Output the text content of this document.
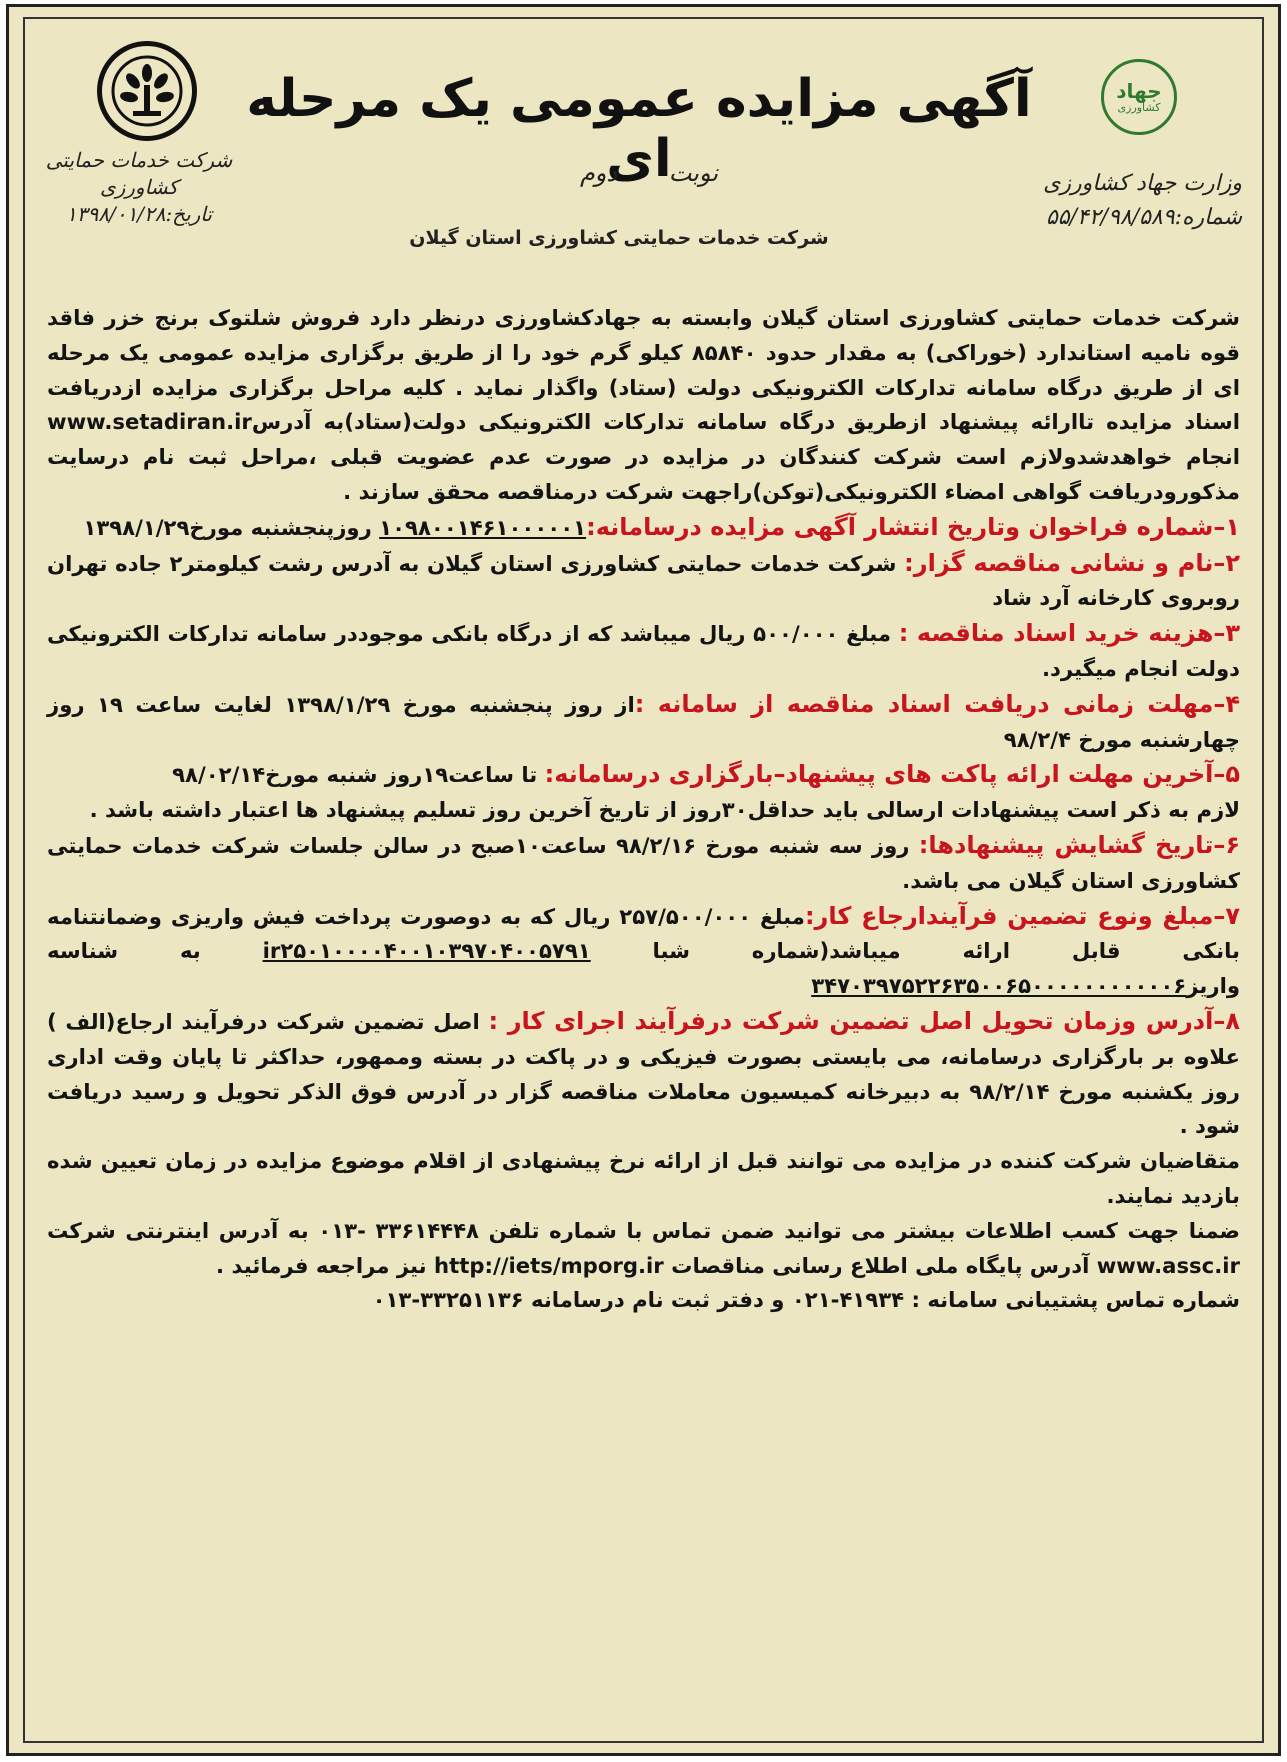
جهاد
کشاورزی
آگهی مزایده عمومی یک مرحله ای
شرکت خدمات حمایتی کشاورزی
تاریخ:۱۳۹۸/۰۱/۲۸
نوبت دوم	وزارت جهاد کشاورزی
شماره:۵۵/۴۲/۹۸/۵۸۹
شرکت خدمات حمایتی کشاورزی استان گیلان

شرکت خدمات حمایتی کشاورزی استان گیلان وابسته به جهادکشاورزی درنظر دارد فروش شلتوک برنج خزر فاقد قوه نامیه استاندارد (خوراکی) به مقدار حدود ۸۵۸۴۰ کیلو گرم خود را از طریق برگزاری مزایده عمومی یک مرحله ای از طریق درگاه سامانه تدارکات الکترونیکی دولت (ستاد) واگذار نماید . کلیه مراحل برگزاری مزایده ازدریافت اسناد مزایده تاارائه پیشنهاد ازطریق درگاه سامانه تدارکات الکترونیکی دولت(ستاد)به آدرسwww.setadiran.ir انجام خواهدشدولازم است شرکت کنندگان در مزایده در صورت عدم عضویت قبلی ،مراحل ثبت نام درسایت مذکورودریافت گواهی امضاء الکترونیکی(توکن)راجهت شرکت درمناقصه محقق سازند .

۱–شماره فراخوان وتاریخ انتشار آگهی مزایده درسامانه:۱۰۹۸۰۰۱۴۶۱۰۰۰۰۰۱ روزپنجشنبه مورخ۱۳۹۸/۱/۲۹

۲–نام و نشانی مناقصه گزار: شرکت خدمات حمایتی کشاورزی استان گیلان به آدرس رشت کیلومتر۲ جاده تهران روبروی کارخانه آرد شاد

۳–هزینه خرید اسناد مناقصه : مبلغ ۵۰۰/۰۰۰ ریال میباشد که از درگاه بانکی موجوددر سامانه تدارکات الکترونیکی دولت انجام میگیرد.

۴–مهلت زمانی دریافت اسناد مناقصه از سامانه :از روز پنجشنبه مورخ ۱۳۹۸/۱/۲۹ لغایت ساعت ۱۹ روز چهارشنبه مورخ ۹۸/۲/۴

۵–آخرین مهلت ارائه پاکت های پیشنهاد–بارگزاری درسامانه: تا ساعت۱۹روز شنبه مورخ۹۸/۰۲/۱۴

لازم به ذکر است پیشنهادات ارسالی باید حداقل۳۰روز از تاریخ آخرین روز تسلیم پیشنهاد ها اعتبار داشته باشد .

۶–تاریخ گشایش پیشنهادها: روز سه شنبه مورخ ۹۸/۲/۱۶ ساعت۱۰صبح در سالن جلسات شرکت خدمات حمایتی کشاورزی استان گیلان می باشد.

۷–مبلغ ونوع تضمین فرآیندارجاع کار:مبلغ ۲۵۷/۵۰۰/۰۰۰ ریال که به دوصورت پرداخت فیش واریزی وضمانتنامه بانکی قابل ارائه میباشد(شماره شبا ir۲۵۰۱۰۰۰۰۴۰۰۱۰۳۹۷۰۴۰۰۵۷۹۱ به شناسه واریز۳۴۷۰۳۹۷۵۲۲۶۳۵۰۰۶۵۰۰۰۰۰۰۰۰۰۰۰۶

۸–آدرس وزمان تحویل اصل تضمین شرکت درفرآیند اجرای کار : اصل تضمین شرکت درفرآیند ارجاع(الف ) علاوه بر بارگزاری درسامانه، می بایستی بصورت فیزیکی و در پاکت در بسته وممهور، حداکثر تا پایان وقت اداری روز یکشنبه مورخ ۹۸/۲/۱۴ به دبیرخانه کمیسیون معاملات مناقصه گزار در آدرس فوق الذکر تحویل و رسید دریافت شود .

متقاضیان شرکت کننده در مزایده می توانند قبل از ارائه نرخ پیشنهادی از اقلام موضوع مزایده در زمان تعیین شده بازدید نمایند.

ضمنا جهت کسب اطلاعات بیشتر می توانید ضمن تماس با شماره تلفن ۳۳۶۱۴۴۴۸ -۰۱۳ به آدرس اینترنتی شرکت www.assc.ir آدرس پایگاه ملی اطلاع رسانی مناقصات http://iets/mporg.ir نیز مراجعه فرمائید .

شماره تماس پشتیبانی سامانه : ۴۱۹۳۴-۰۲۱ و دفتر ثبت نام درسامانه ۳۳۲۵۱۱۳۶-۰۱۳
